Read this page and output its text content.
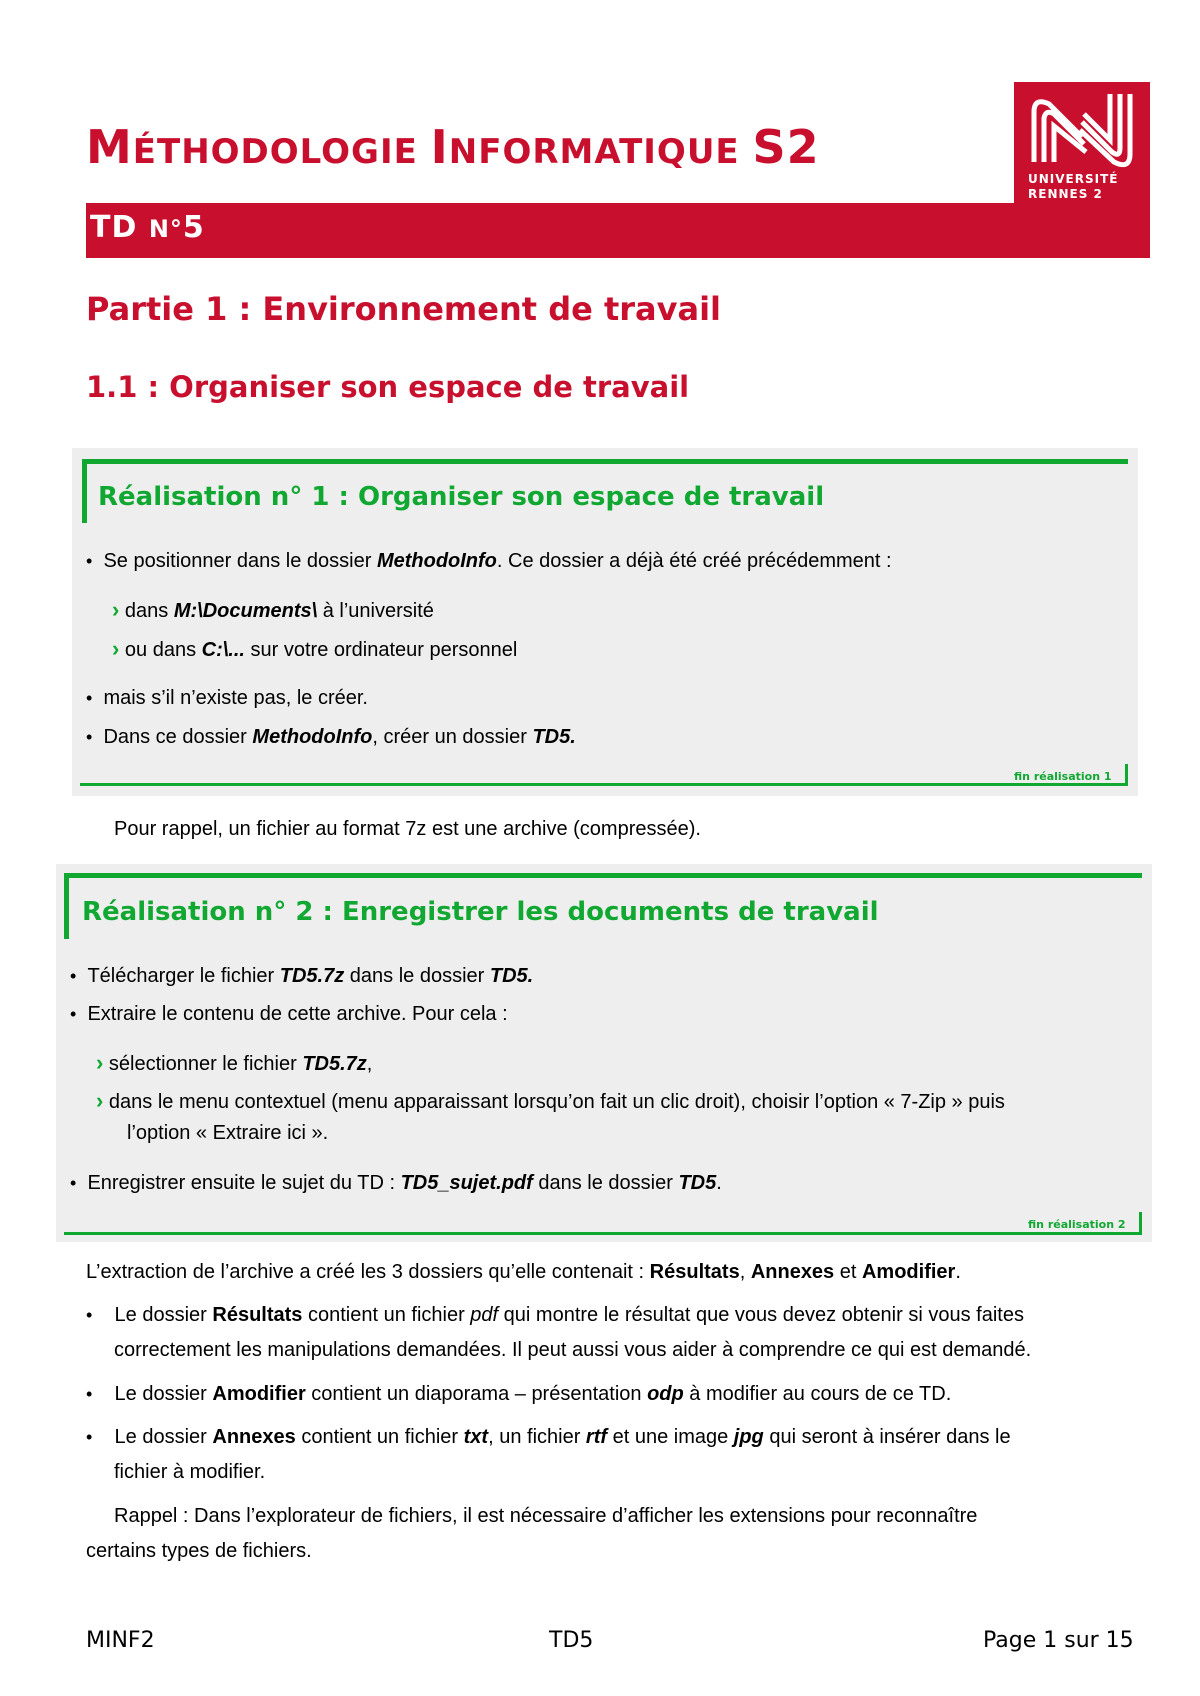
MÉTHODOLOGIE INFORMATIQUE S2
TD N°5
UNIVERSITÉ
RENNES 2
Partie 1 : Environnement de travail
1.1 : Organiser son espace de travail
Réalisation n° 1 : Organiser son espace de travail
• Se positionner dans le dossier MethodoInfo. Ce dossier a déjà été créé précédemment :
› dans M:\Documents\ à l’université
› ou dans C:\... sur votre ordinateur personnel
• mais s’il n’existe pas, le créer.
• Dans ce dossier MethodoInfo, créer un dossier TD5.
fin réalisation 1
Pour rappel, un fichier au format 7z est une archive (compressée).
Réalisation n° 2 : Enregistrer les documents de travail
• Télécharger le fichier TD5.7z dans le dossier TD5.
• Extraire le contenu de cette archive. Pour cela :
› sélectionner le fichier TD5.7z,
› dans le menu contextuel (menu apparaissant lorsqu’on fait un clic droit), choisir l’option « 7-Zip » puis
l’option « Extraire ici ».
• Enregistrer ensuite le sujet du TD : TD5_sujet.pdf dans le dossier TD5.
fin réalisation 2
L’extraction de l’archive a créé les 3 dossiers qu’elle contenait : Résultats, Annexes et Amodifier.
• Le dossier Résultats contient un fichier pdf qui montre le résultat que vous devez obtenir si vous faites
correctement les manipulations demandées. Il peut aussi vous aider à comprendre ce qui est demandé.
• Le dossier Amodifier contient un diaporama – présentation odp à modifier au cours de ce TD.
• Le dossier Annexes contient un fichier txt, un fichier rtf et une image jpg qui seront à insérer dans le
fichier à modifier.
Rappel : Dans l’explorateur de fichiers, il est nécessaire d’afficher les extensions pour reconnaître
certains types de fichiers.
MINF2	TD5	Page 1 sur 15
